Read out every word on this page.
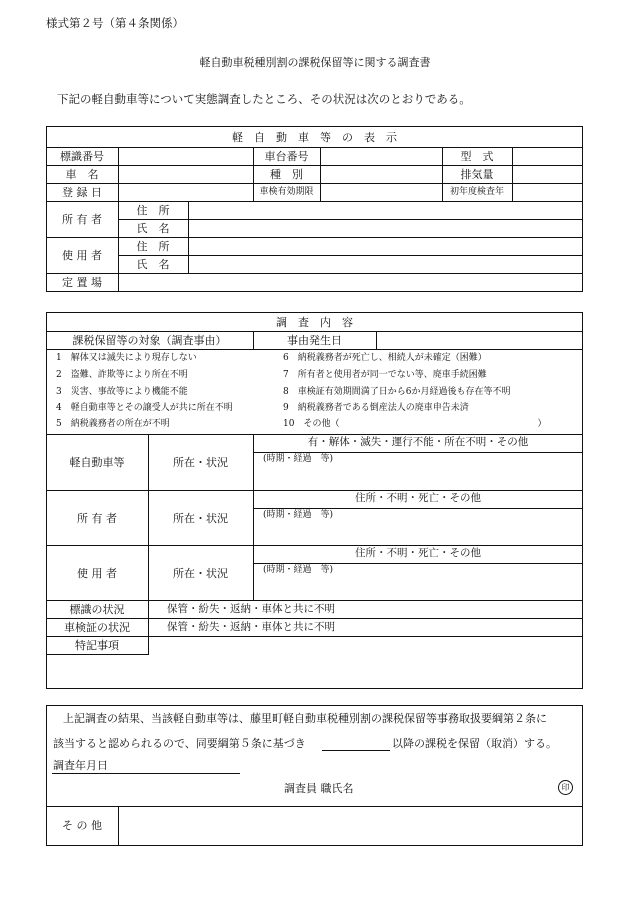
様式第２号（第４条関係）
軽自動車税種別割の課税保留等に関する調査書
下記の軽自動車等について実態調査したところ、その状況は次のとおりである。
軽　自　動　車　等　の　表　示
標識番号	車台番号	型　式
車　名	種　別	排気量
登 録 日	車検有効期限	初年度検査年
所 有 者
住　所
氏　名
使 用 者
住　所
氏　名
定 置 場
調　査　内　容
課税保留等の対象（調査事由）	事由発生日
1　解体又は滅失により現存しない
2　盗難、詐欺等により所在不明
3　災害、事故等により機能不能
4　軽自動車等とその譲受人が共に所在不明
5　納税義務者の所在が不明
6　納税義務者が死亡し、相続人が未確定（困難）
7　所有者と使用者が同一でない等、廃車手続困難
8　車検証有効期間満了日から6か月経過後も存在等不明
9　納税義務者である倒産法人の廃車申告未済
10　その他（　　　　　　　　　　　　　　　　　　　　　　）
軽自動車等	所在・状況
有・解体・滅失・運行不能・所在不明・その他
(時期・経過　等)
所 有 者	所在・状況
住所・不明・死亡・その他
(時期・経過　等)
使 用 者	所在・状況
住所・不明・死亡・その他
(時期・経過　等)
標識の状況	保管・紛失・返納・車体と共に不明
車検証の状況	保管・紛失・返納・車体と共に不明
特記事項
上記調査の結果、当該軽自動車等は、藤里町軽自動車税種別割の課税保留等事務取扱要綱第２条に
該当すると認められるので、同要綱第５条に基づき	以降の課税を保留（取消）する。
調査年月日
調査員 職氏名	印
そ の 他
